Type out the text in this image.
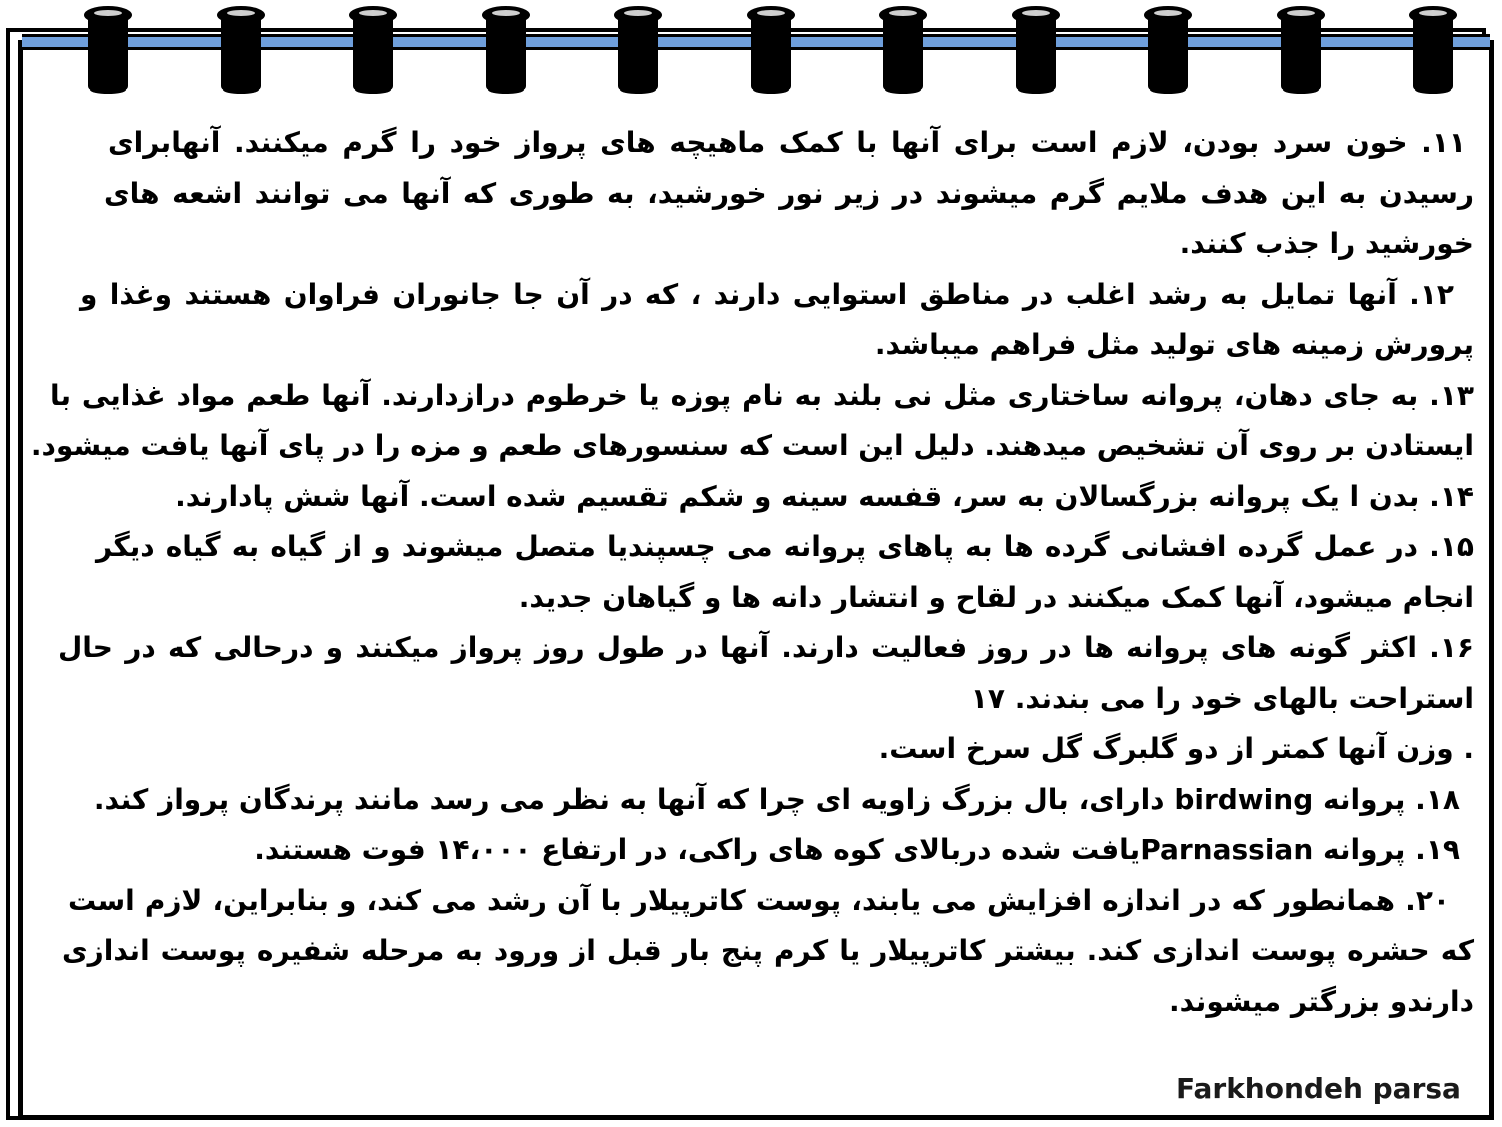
۱۱. خون سرد بودن، لازم است برای آنها با کمک ماهیچه های پرواز خود را گرم میکنند. آنهابرای

رسیدن به این هدف ملایم گرم میشوند در زیر نور خورشید، به طوری که آنها می توانند اشعه های

خورشید را جذب کنند.

۱۲. آنها تمایل به رشد اغلب در مناطق استوایی دارند ، که در آن جا جانوران فراوان هستند وغذا و

پرورش زمینه های تولید مثل فراهم میباشد.

۱۳. به جای دهان، پروانه ساختاری مثل نی بلند به نام پوزه یا خرطوم درازدارند. آنها طعم مواد غذایی با

ایستادن بر روی آن تشخیص میدهند. دلیل این است که سنسورهای طعم و مزه را در پای آنها یافت میشود.

۱۴. بدن ا یک پروانه بزرگسالان به سر، قفسه سینه و شکم تقسیم شده است. آنها شش پادارند.

۱۵. در عمل گرده افشانی گرده ها به پاهای پروانه می چسپندیا متصل میشوند و از گیاه به گیاه دیگر

انجام میشود، آنها کمک میکنند در لقاح و انتشار دانه ها و گیاهان جدید.

۱۶. اکثر گونه های پروانه ها در روز فعالیت دارند. آنها در طول روز پرواز میکنند و درحالی که در حال

استراحت بالهای خود را می بندند. ۱۷

. وزن آنها کمتر از دو گلبرگ گل سرخ است.

۱۸. پروانه birdwing دارای، بال بزرگ زاویه ای چرا که آنها به نظر می رسد مانند پرندگان پرواز کند.

۱۹. پروانه Parnassianیافت شده دربالای کوه های راکی، در ارتفاع ۱۴،۰۰۰ فوت هستند.

۲۰. همانطور که در اندازه افزایش می یابند، پوست کاترپیلار با آن رشد می کند، و بنابراین، لازم است

که حشره پوست اندازی کند. بیشتر کاترپیلار یا کرم پنج بار قبل از ورود به مرحله شفیره پوست اندازی

دارندو بزرگتر میشوند.

Farkhondeh parsa
